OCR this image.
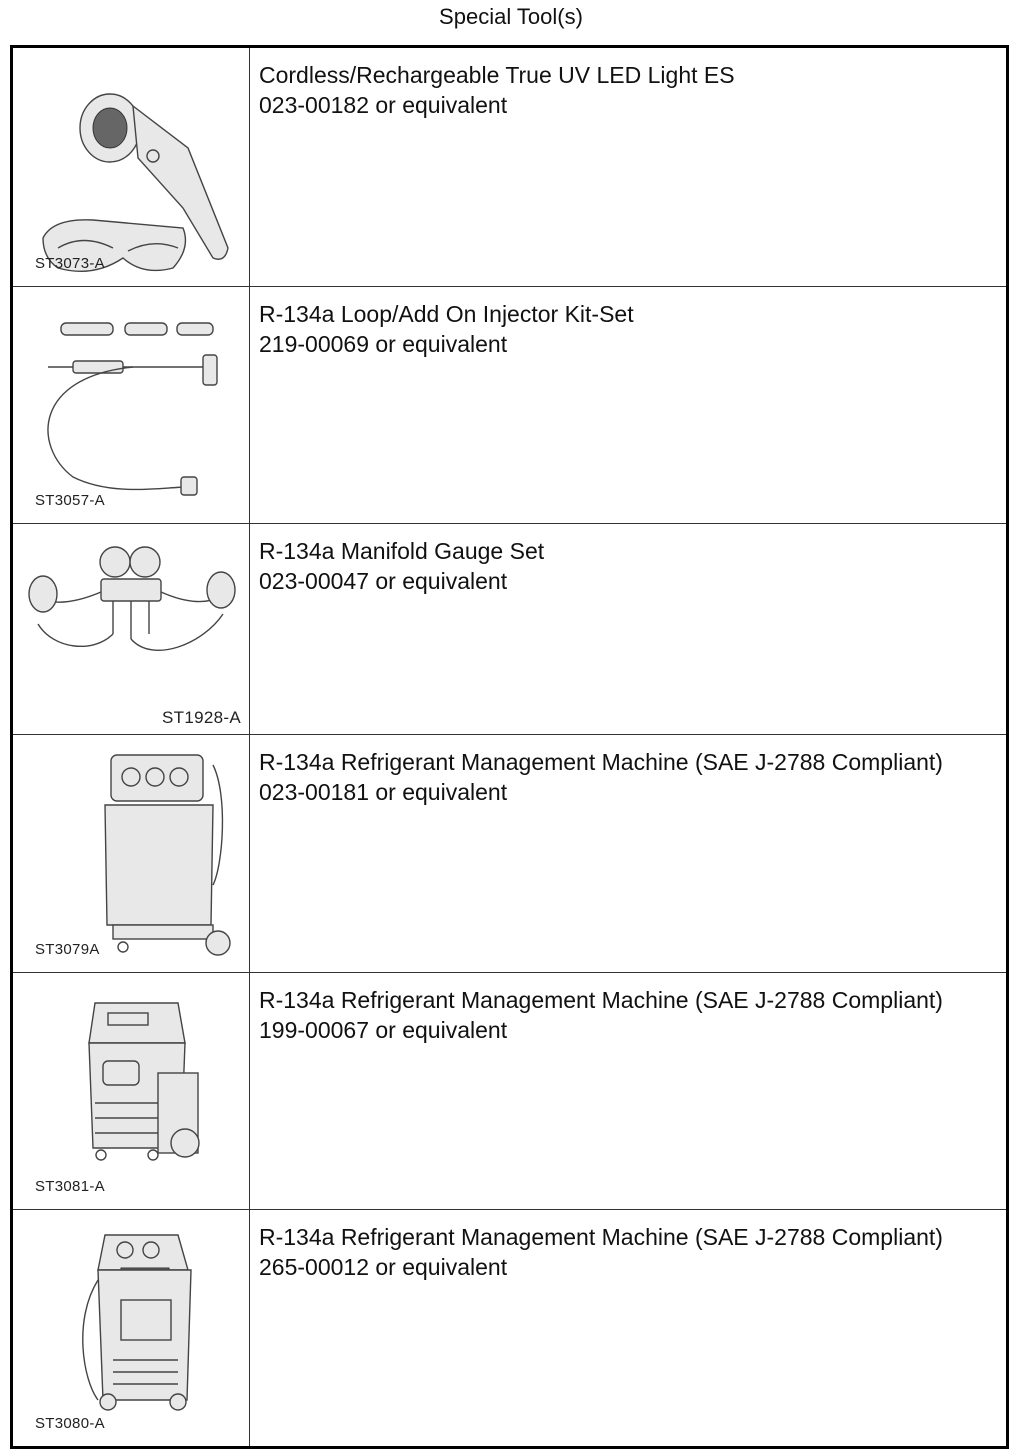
Special Tool(s)
ST3073-A	Cordless/Rechargeable True UV LED Light ES
023-00182 or equivalent

ST3057-A	R-134a Loop/Add On Injector Kit-Set
219-00069 or equivalent

ST1928-A	R-134a Manifold Gauge Set
023-00047 or equivalent

ST3079A	R-134a Refrigerant Management Machine (SAE J-2788 Compliant)
023-00181 or equivalent

ST3081-A	R-134a Refrigerant Management Machine (SAE J-2788 Compliant)
199-00067 or equivalent

ST3080-A	R-134a Refrigerant Management Machine (SAE J-2788 Compliant)
265-00012 or equivalent
